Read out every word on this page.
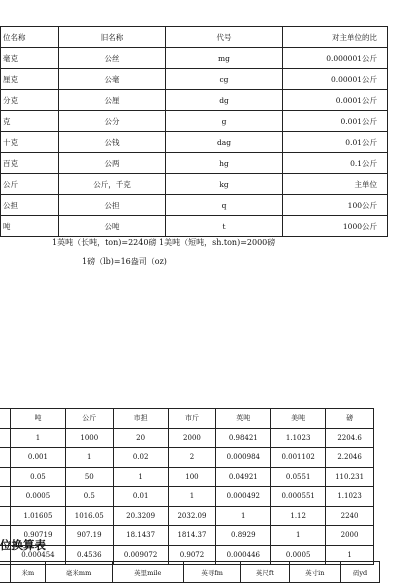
位名称	旧名称	代号	对主单位的比
毫克	公丝	mg	0.000001公斤
厘克	公毫	cg	0.00001公斤
分克	公厘	dg	0.0001公斤
克	公分	g	0.001公斤
十克	公钱	dag	0.01公斤
百克	公两	hg	0.1公斤
公斤	公斤，千克	kg	主单位
公担	公担	q	100公斤
吨	公吨	t	1000公斤
1英吨（长吨，ton)=2240磅 1美吨（短吨，sh.ton)=2000磅
1磅（lb)=16盎司（oz)
	吨	公斤	市担	市斤	英吨	美吨	磅
	1	1000	20	2000	0.98421	1.1023	2204.6
	0.001	1	0.02	2	0.000984	0.001102	2.2046
	0.05	50	1	100	0.04921	0.0551	110.231
	0.0005	0.5	0.01	1	0.000492	0.000551	1.1023
	1.01605	1016.05	20.3209	2032.09	1	1.12	2240
	0.90719	907.19	18.1437	1814.37	0.8929	1	2000
	0.000454	0.4536	0.009072	0.9072	0.000446	0.0005	1
位换算表
	米m	毫米mm	英里mile	英寻fm	英尺ft	英寸in	码yd
